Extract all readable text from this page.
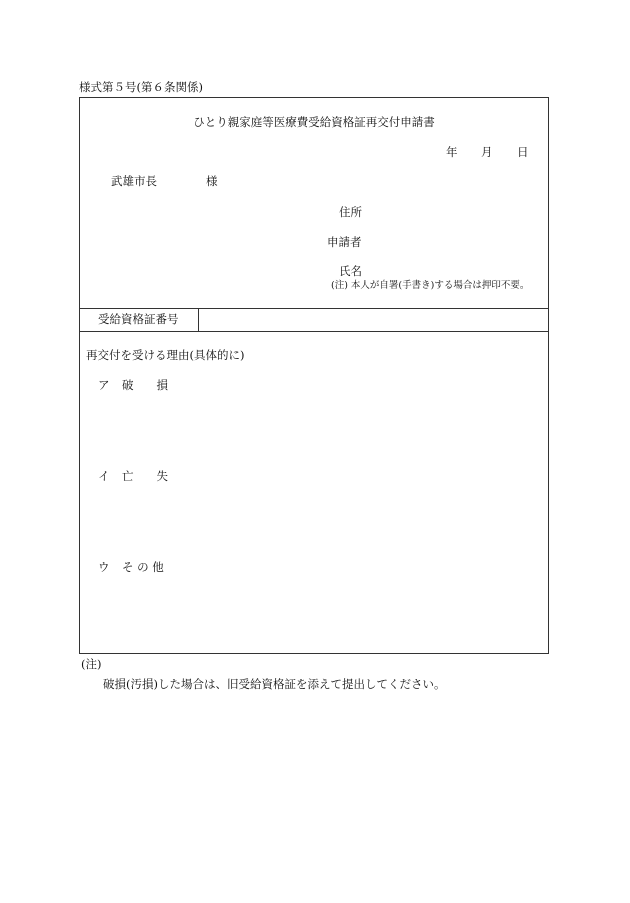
様式第５号(第６条関係)
ひとり親家庭等医療費受給資格証再交付申請書
年 月 日
武雄市長	様
住所
申請者
氏名
(注) 本人が自署(手書き)する場合は押印不要。
受給資格証番号
再交付を受ける理由(具体的に)
ア 破　　損
イ 亡　　失
ウ そ の 他
(注)
破損(汚損)した場合は、旧受給資格証を添えて提出してください。
